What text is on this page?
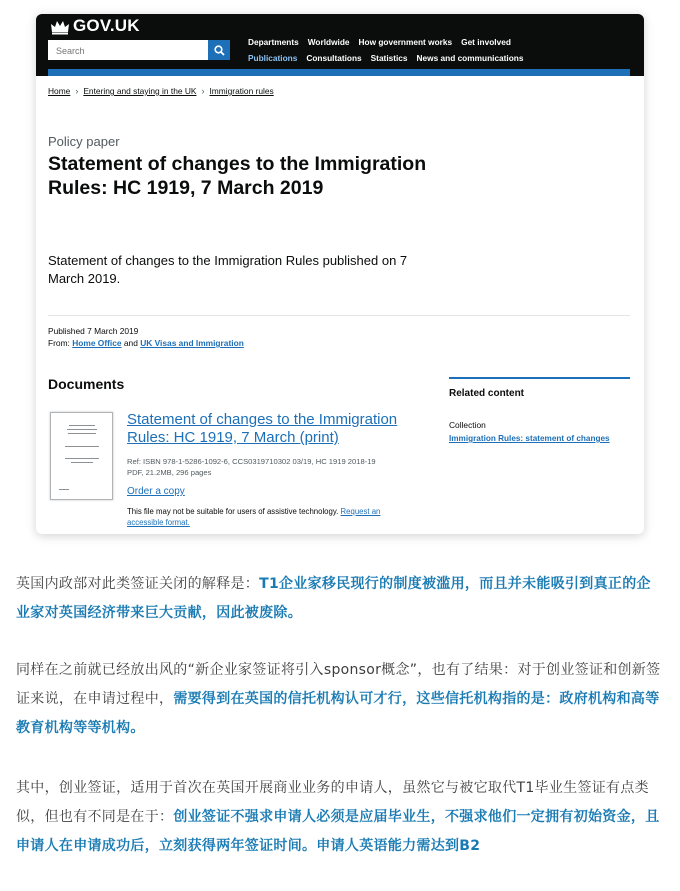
GOV.UK
Search
Departments Worldwide How government works Get involved
Publications Consultations Statistics News and communications
Home › Entering and staying in the UK › Immigration rules
Policy paper
Statement of changes to the Immigration Rules: HC 1919, 7 March 2019

Statement of changes to the Immigration Rules published on 7 March 2019.

Published 7 March 2019
From: Home Office and UK Visas and Immigration
Documents
Statement of changes to the Immigration Rules: HC 1919, 7 March (print)
Ref: ISBN 978-1-5286-1092-6, CCS0319710302 03/19, HC 1919 2018-19
PDF, 21.2MB, 296 pages
Order a copy
This file may not be suitable for users of assistive technology. Request an accessible format.
Related content
Collection
Immigration Rules: statement of changes

英国内政部对此类签证关闭的解释是：T1企业家移民现行的制度被滥用，而且并未能吸引到真正的企业家对英国经济带来巨大贡献，因此被废除。

同样在之前就已经放出风的“新企业家签证将引入sponsor概念”，也有了结果：对于创业签证和创新签证来说，在申请过程中，需要得到在英国的信托机构认可才行，这些信托机构指的是：政府机构和高等教育机构等等机构。

其中，创业签证，适用于首次在英国开展商业业务的申请人，虽然它与被它取代T1毕业生签证有点类似，但也有不同是在于：创业签证不强求申请人必须是应届毕业生，不强求他们一定拥有初始资金，且申请人在申请成功后，立刻获得两年签证时间。申请人英语能力需达到B2
